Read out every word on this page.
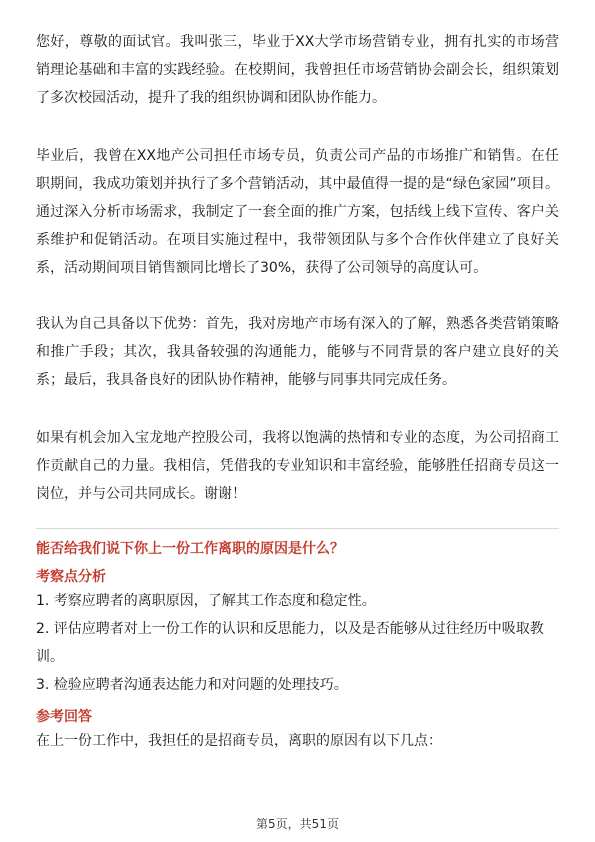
您好，尊敬的面试官。我叫张三，毕业于XX大学市场营销专业，拥有扎实的市场营销理论基础和丰富的实践经验。在校期间，我曾担任市场营销协会副会长，组织策划了多次校园活动，提升了我的组织协调和团队协作能力。

毕业后，我曾在XX地产公司担任市场专员，负责公司产品的市场推广和销售。在任职期间，我成功策划并执行了多个营销活动，其中最值得一提的是“绿色家园”项目。通过深入分析市场需求，我制定了一套全面的推广方案，包括线上线下宣传、客户关系维护和促销活动。在项目实施过程中，我带领团队与多个合作伙伴建立了良好关系，活动期间项目销售额同比增长了30%，获得了公司领导的高度认可。

我认为自己具备以下优势：首先，我对房地产市场有深入的了解，熟悉各类营销策略和推广手段；其次，我具备较强的沟通能力，能够与不同背景的客户建立良好的关系；最后，我具备良好的团队协作精神，能够与同事共同完成任务。

如果有机会加入宝龙地产控股公司，我将以饱满的热情和专业的态度，为公司招商工作贡献自己的力量。我相信，凭借我的专业知识和丰富经验，能够胜任招商专员这一岗位，并与公司共同成长。谢谢！

能否给我们说下你上一份工作离职的原因是什么？

考察点分析

1. 考察应聘者的离职原因，了解其工作态度和稳定性。

2. 评估应聘者对上一份工作的认识和反思能力，以及是否能够从过往经历中吸取教训。

3. 检验应聘者沟通表达能力和对问题的处理技巧。

参考回答

在上一份工作中，我担任的是招商专员，离职的原因有以下几点：

第5页，共51页
